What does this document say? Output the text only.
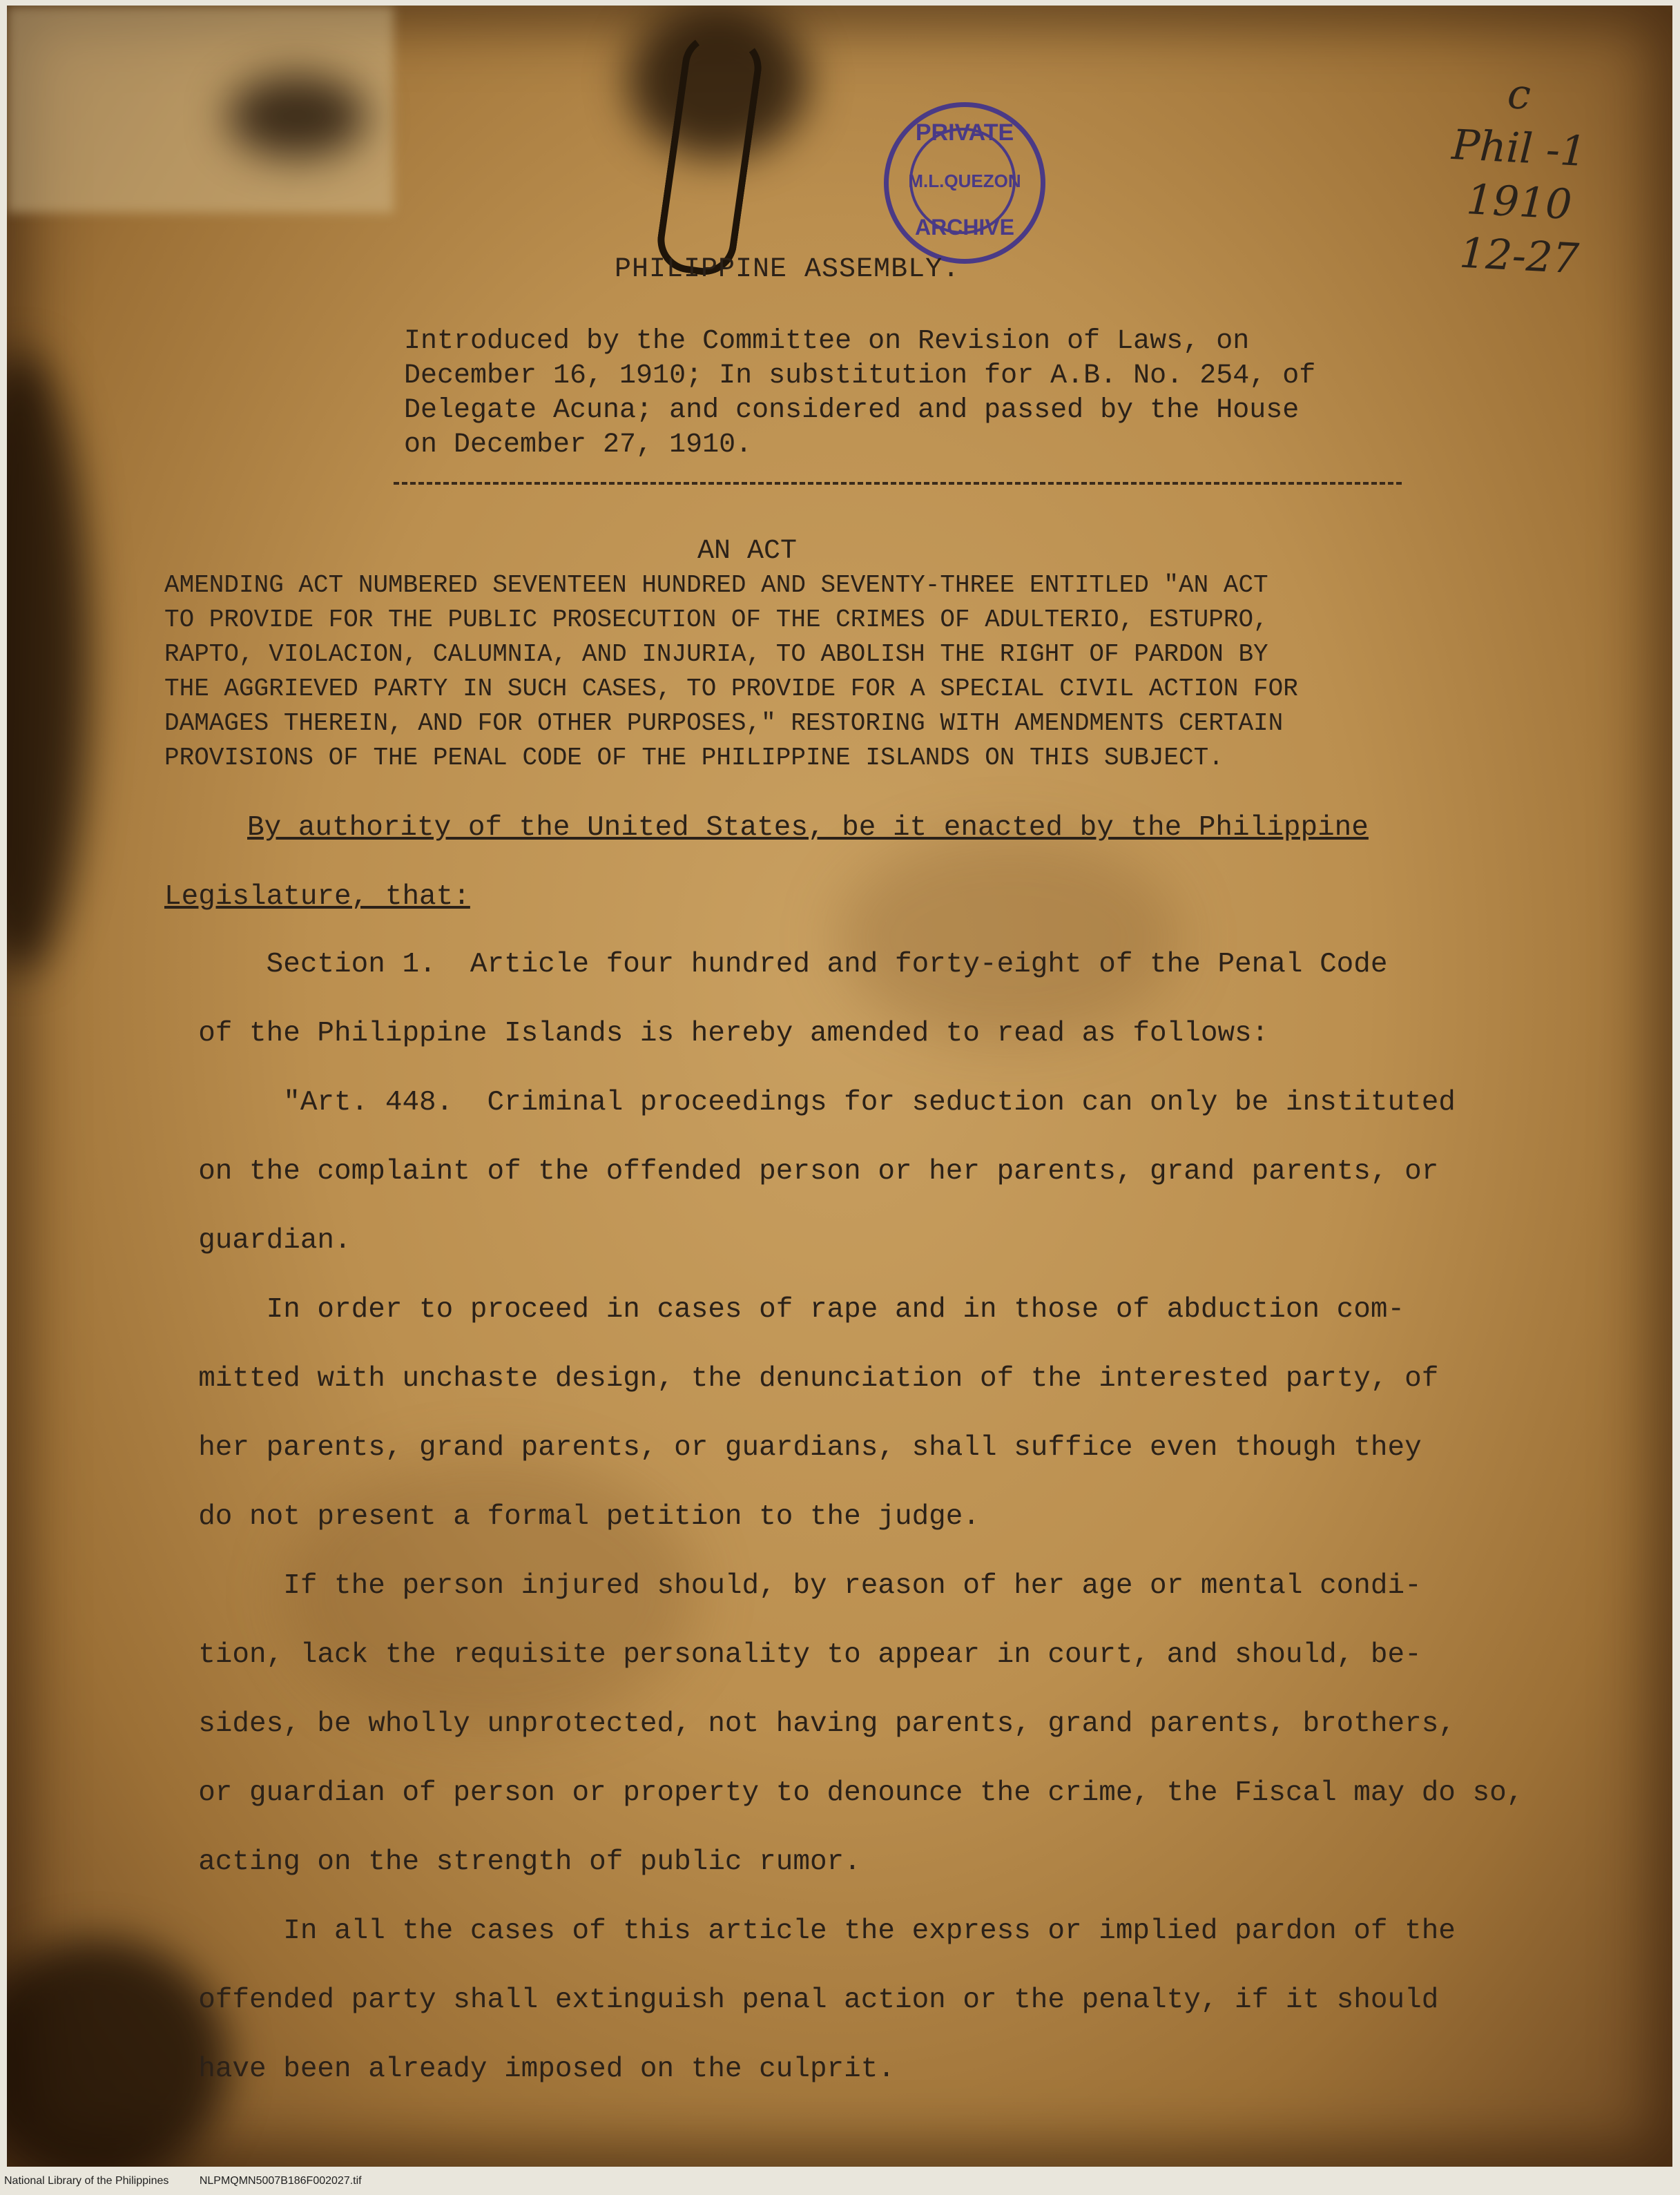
PRIVATE
M.L.QUEZON
ARCHIVE
c
Phil -1
1910
12-27
PHILIPPINE ASSEMBLY.
Introduced by the Committee on Revision of Laws, on
December 16, 1910; In substitution for A.B. No. 254, of
Delegate Acuna; and considered and passed by the House
on December 27, 1910.
AN ACT
AMENDING ACT NUMBERED SEVENTEEN HUNDRED AND SEVENTY-THREE ENTITLED "AN ACT
TO PROVIDE FOR THE PUBLIC PROSECUTION OF THE CRIMES OF ADULTERIO, ESTUPRO,
RAPTO, VIOLACION, CALUMNIA, AND INJURIA, TO ABOLISH THE RIGHT OF PARDON BY
THE AGGRIEVED PARTY IN SUCH CASES, TO PROVIDE FOR A SPECIAL CIVIL ACTION FOR
DAMAGES THEREIN, AND FOR OTHER PURPOSES," RESTORING WITH AMENDMENTS CERTAIN
PROVISIONS OF THE PENAL CODE OF THE PHILIPPINE ISLANDS ON THIS SUBJECT.
By authority of the United States, be it enacted by the Philippine
Legislature, that:
Section 1.  Article four hundred and forty-eight of the Penal Code
of the Philippine Islands is hereby amended to read as follows:
"Art. 448.  Criminal proceedings for seduction can only be instituted
on the complaint of the offended person or her parents, grand parents, or
guardian.
In order to proceed in cases of rape and in those of abduction com-
mitted with unchaste design, the denunciation of the interested party, of
her parents, grand parents, or guardians, shall suffice even though they
do not present a formal petition to the judge.
If the person injured should, by reason of her age or mental condi-
tion, lack the requisite personality to appear in court, and should, be-
sides, be wholly unprotected, not having parents, grand parents, brothers,
or guardian of person or property to denounce the crime, the Fiscal may do so,
acting on the strength of public rumor.
In all the cases of this article the express or implied pardon of the
offended party shall extinguish penal action or the penalty, if it should
have been already imposed on the culprit.
National Library of the Philippines	NLPMQMN5007B186F002027.tif
